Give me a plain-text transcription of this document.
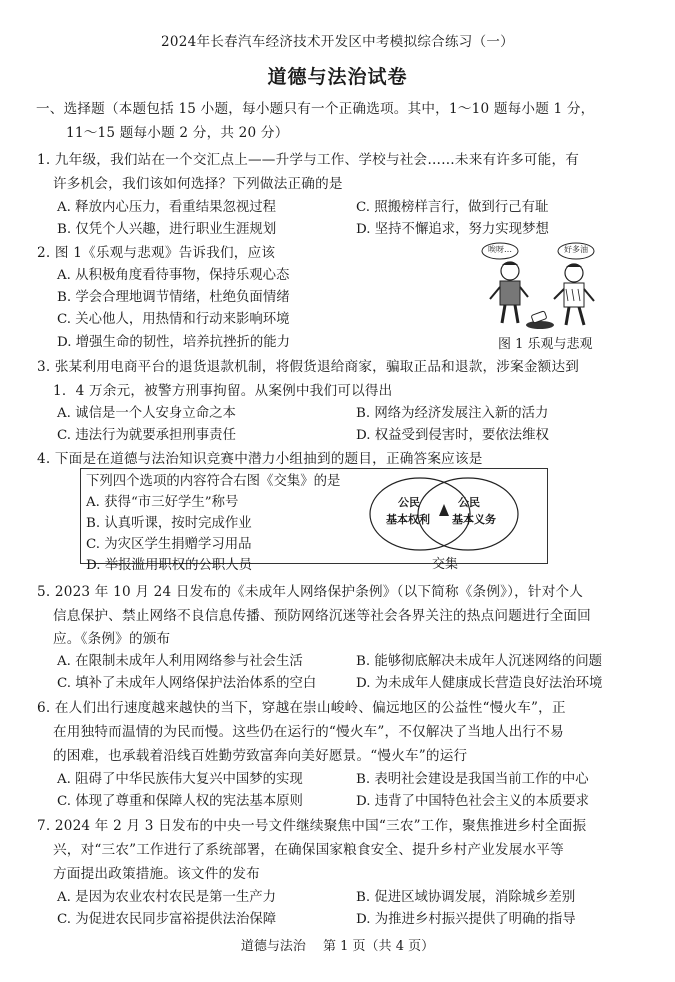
2024年长春汽车经济技术开发区中考模拟综合练习（一）
道德与法治试卷
一、选择题（本题包括 15 小题，每小题只有一个正确选项。其中，1～10 题每小题 1 分，
11～15 题每小题 2 分，共 20 分）
1. 九年级，我们站在一个交汇点上——升学与工作、学校与社会……未来有许多可能，有
许多机会，我们该如何选择？下列做法正确的是
A. 释放内心压力，看重结果忽视过程	C. 照搬榜样言行，做到行己有耻
B. 仅凭个人兴趣，进行职业生涯规划	D. 坚持不懈追求，努力实现梦想
2. 图 1《乐观与悲观》告诉我们，应该
A. 从积极角度看待事物，保持乐观心态
B. 学会合理地调节情绪，杜绝负面情绪
C. 关心他人，用热情和行动来影响环境
D. 增强生命的韧性，培养抗挫折的能力
唉呀…	好多油
图 1 乐观与悲观
3. 张某利用电商平台的退货退款机制，将假货退给商家，骗取正品和退款，涉案金额达到
1．4 万余元，被警方刑事拘留。从案例中我们可以得出
A. 诚信是一个人安身立命之本	B. 网络为经济发展注入新的活力
C. 违法行为就要承担刑事责任	D. 权益受到侵害时，要依法维权
4. 下面是在道德与法治知识竞赛中潜力小组抽到的题目，正确答案应该是
下列四个选项的内容符合右图《交集》的是
A. 获得“市三好学生”称号
B. 认真听课，按时完成作业
C. 为灾区学生捐赠学习用品
D. 举报滥用职权的公职人员
公民
基本权利
公民
基本义务
交集
5. 2023 年 10 月 24 日发布的《未成年人网络保护条例》（以下简称《条例》），针对个人
信息保护、禁止网络不良信息传播、预防网络沉迷等社会各界关注的热点问题进行全面回
应。《条例》的颁布
A. 在限制未成年人利用网络参与社会生活	B. 能够彻底解决未成年人沉迷网络的问题
C. 填补了未成年人网络保护法治体系的空白	D. 为未成年人健康成长营造良好法治环境
6. 在人们出行速度越来越快的当下，穿越在崇山峻岭、偏远地区的公益性“慢火车”，正
在用独特而温情的为民而慢。这些仍在运行的“慢火车”，不仅解决了当地人出行不易
的困难，也承载着沿线百姓勤劳致富奔向美好愿景。“慢火车”的运行
A. 阻碍了中华民族伟大复兴中国梦的实现	B. 表明社会建设是我国当前工作的中心
C. 体现了尊重和保障人权的宪法基本原则	D. 违背了中国特色社会主义的本质要求
7. 2024 年 2 月 3 日发布的中央一号文件继续聚焦中国“三农”工作，聚焦推进乡村全面振
兴，对“三农”工作进行了系统部署，在确保国家粮食安全、提升乡村产业发展水平等
方面提出政策措施。该文件的发布
A. 是因为农业农村农民是第一生产力	B. 促进区域协调发展，消除城乡差别
C. 为促进农民同步富裕提供法治保障	D. 为推进乡村振兴提供了明确的指导
道德与法治　 第 1 页（共 4 页）
